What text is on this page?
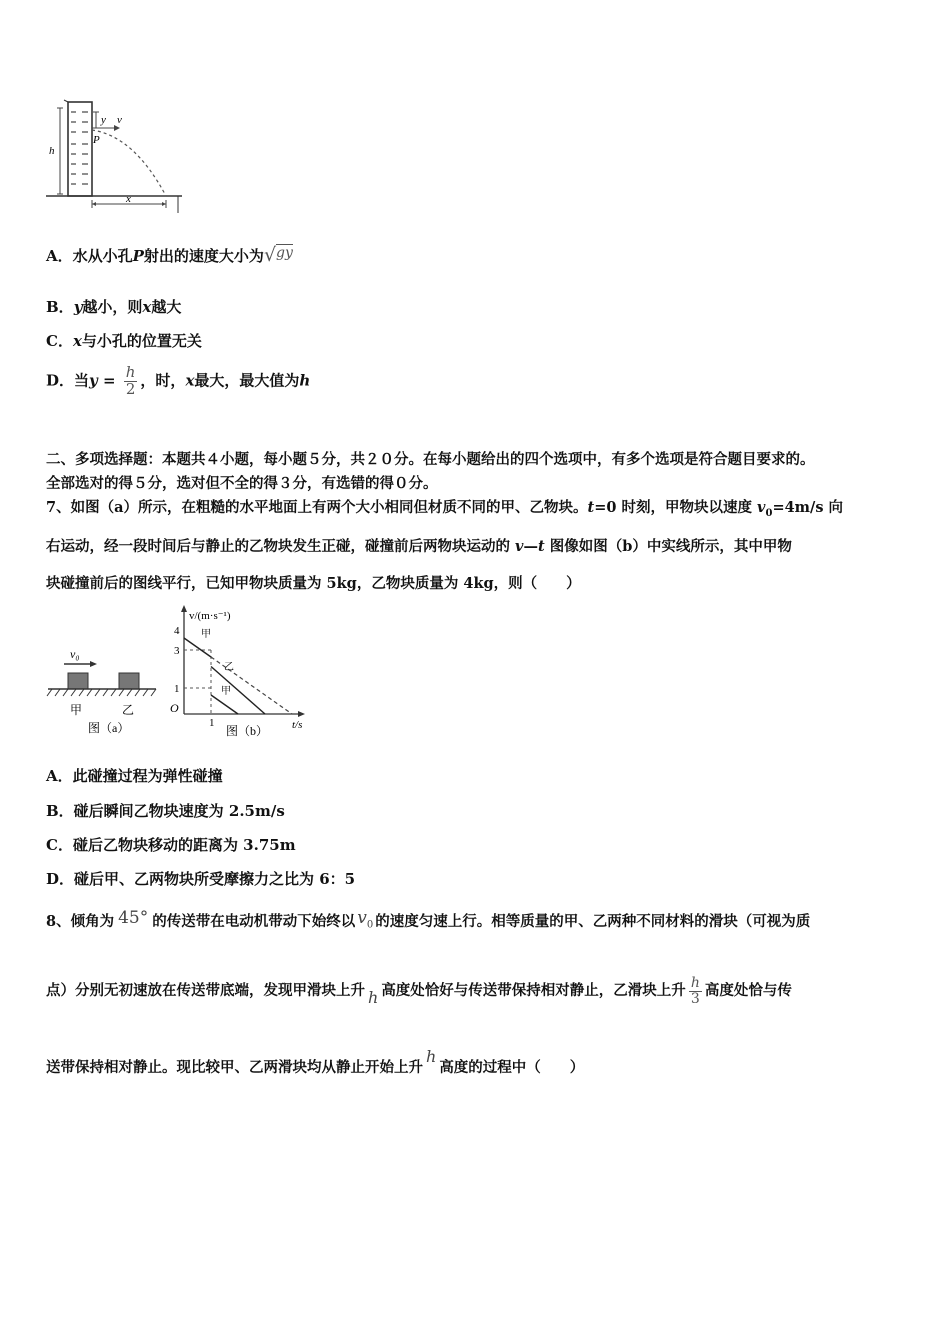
y v
P
h
x
A．水从小孔P射出的速度大小为√gy
B．y越小，则x越大
C．x与小孔的位置无关
D．当$y = \frac{h}{2}$ ，时，x最大，最大值为h
二、多项选择题：本题共４小题，每小题５分，共２０分。在每小题给出的四个选项中，有多个选项是符合题目要求的。
全部选对的得５分，选对但不全的得３分，有选错的得０分。
7、如图（a）所示，在粗糙的水平地面上有两个大小相同但材质不同的甲、乙物块。t=0 时刻，甲物块以速度 $v_0=4m/s$ 向
右运动，经一段时间后与静止的乙物块发生正碰，碰撞前后两物块运动的 v—t 图像如图（b）中实线所示，其中甲物
块碰撞前后的图线平行，已知甲物块质量为 5kg，乙物块质量为 4kg，则（　　）
v₀
甲	乙
图（a）
v/(m·s⁻¹)
t/s
O
4
3
1
1
甲
乙
甲
图（b）
A．此碰撞过程为弹性碰撞
B．碰后瞬间乙物块速度为 2.5m/s
C．碰后乙物块移动的距离为 3.75m
D．碰后甲、乙两物块所受摩擦力之比为 6：5
8、倾角为 45° 的传送带在电动机带动下始终以 $v_0$ 的速度匀速上行。相等质量的甲、乙两种不同材料的滑块（可视为质
点）分别无初速放在传送带底端，发现甲滑块上升 h 高度处恰好与传送带保持相对静止，乙滑块上升 $\frac{h}{3}$ 高度处恰与传
送带保持相对静止。现比较甲、乙两滑块均从静止开始上升h高度的过程中（　　）
